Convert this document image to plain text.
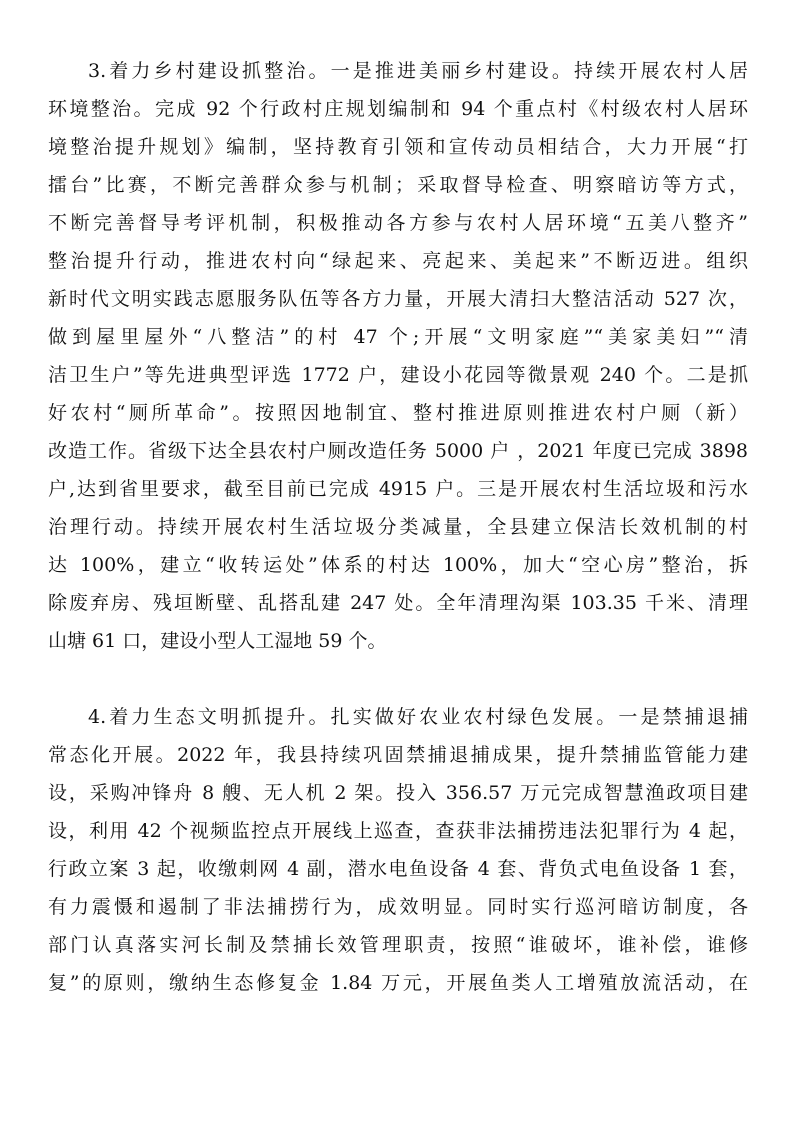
3.着力乡村建设抓整治。一是推进美丽乡村建设。持续开展农村人居
环境整治。完成 92 个行政村庄规划编制和 94 个重点村《村级农村人居环
境整治提升规划》编制，坚持教育引领和宣传动员相结合，大力开展“打
擂台”比赛，不断完善群众参与机制；采取督导检查、明察暗访等方式，
不断完善督导考评机制，积极推动各方参与农村人居环境“五美八整齐”
整治提升行动，推进农村向“绿起来、亮起来、美起来”不断迈进。组织
新时代文明实践志愿服务队伍等各方力量，开展大清扫大整洁活动 527 次，
做到屋里屋外“八整洁”的村 47 个;开展“文明家庭”“美家美妇”“清
洁卫生户”等先进典型评选 1772 户，建设小花园等微景观 240 个。二是抓
好农村“厕所革命”。按照因地制宜、整村推进原则推进农村户厕（新）
改造工作。省级下达全县农村户厕改造任务 5000 户 ，2021 年度已完成 3898
户,达到省里要求，截至目前已完成 4915 户。三是开展农村生活垃圾和污水
治理行动。持续开展农村生活垃圾分类减量，全县建立保洁长效机制的村
达 100%，建立“收转运处”体系的村达 100%，加大“空心房”整治，拆
除废弃房、残垣断壁、乱搭乱建 247 处。全年清理沟渠 103.35 千米、清理
山塘 61 口，建设小型人工湿地 59 个。
4.着力生态文明抓提升。扎实做好农业农村绿色发展。一是禁捕退捕
常态化开展。2022 年，我县持续巩固禁捕退捕成果，提升禁捕监管能力建
设，采购冲锋舟 8 艘、无人机 2 架。投入 356.57 万元完成智慧渔政项目建
设，利用 42 个视频监控点开展线上巡查，查获非法捕捞违法犯罪行为 4 起，
行政立案 3 起，收缴刺网 4 副，潜水电鱼设备 4 套、背负式电鱼设备 1 套，
有力震慑和遏制了非法捕捞行为，成效明显。同时实行巡河暗访制度，各
部门认真落实河长制及禁捕长效管理职责，按照“谁破坏，谁补偿，谁修
复”的原则，缴纳生态修复金 1.84 万元，开展鱼类人工增殖放流活动，在
